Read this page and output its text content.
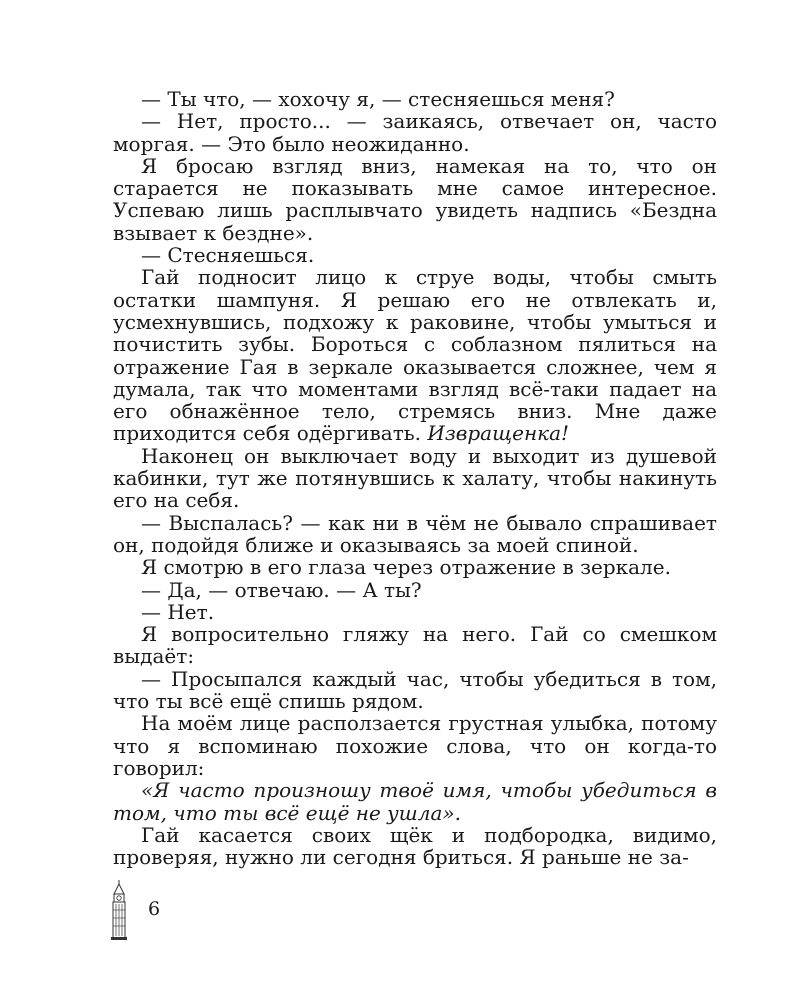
— Ты что, — хохочу я, — стесняешься меня?

— Нет, просто... — заикаясь, отвечает он, часто моргая. — Это было неожиданно.

Я бросаю взгляд вниз, намекая на то, что он старается не показывать мне самое интересное. Успеваю лишь расплывчато увидеть надпись «Бездна взывает к бездне».

— Стесняешься.

Гай подносит лицо к струе воды, чтобы смыть остатки шампуня. Я решаю его не отвлекать и, усмехнувшись, подхожу к раковине, чтобы умыться и почистить зубы. Бороться с соблазном пялиться на отражение Гая в зеркале оказывается сложнее, чем я думала, так что моментами взгляд всё-таки падает на его обнажённое тело, стремясь вниз. Мне даже приходится себя одёргивать. Извращенка!

Наконец он выключает воду и выходит из душевой кабинки, тут же потянувшись к халату, чтобы накинуть его на себя.

— Выспалась? — как ни в чём не бывало спрашивает он, подойдя ближе и оказываясь за моей спиной.

Я смотрю в его глаза через отражение в зеркале.

— Да, — отвечаю. — А ты?

— Нет.

Я вопросительно гляжу на него. Гай со смешком выдаёт:

— Просыпался каждый час, чтобы убедиться в том, что ты всё ещё спишь рядом.

На моём лице расползается грустная улыбка, потому что я вспоминаю похожие слова, что он когда-то говорил:

«Я часто произношу твоё имя, чтобы убедиться в том, что ты всё ещё не ушла».

Гай касается своих щёк и подбородка, видимо, проверяя, нужно ли сегодня бриться. Я раньше не за-

6
